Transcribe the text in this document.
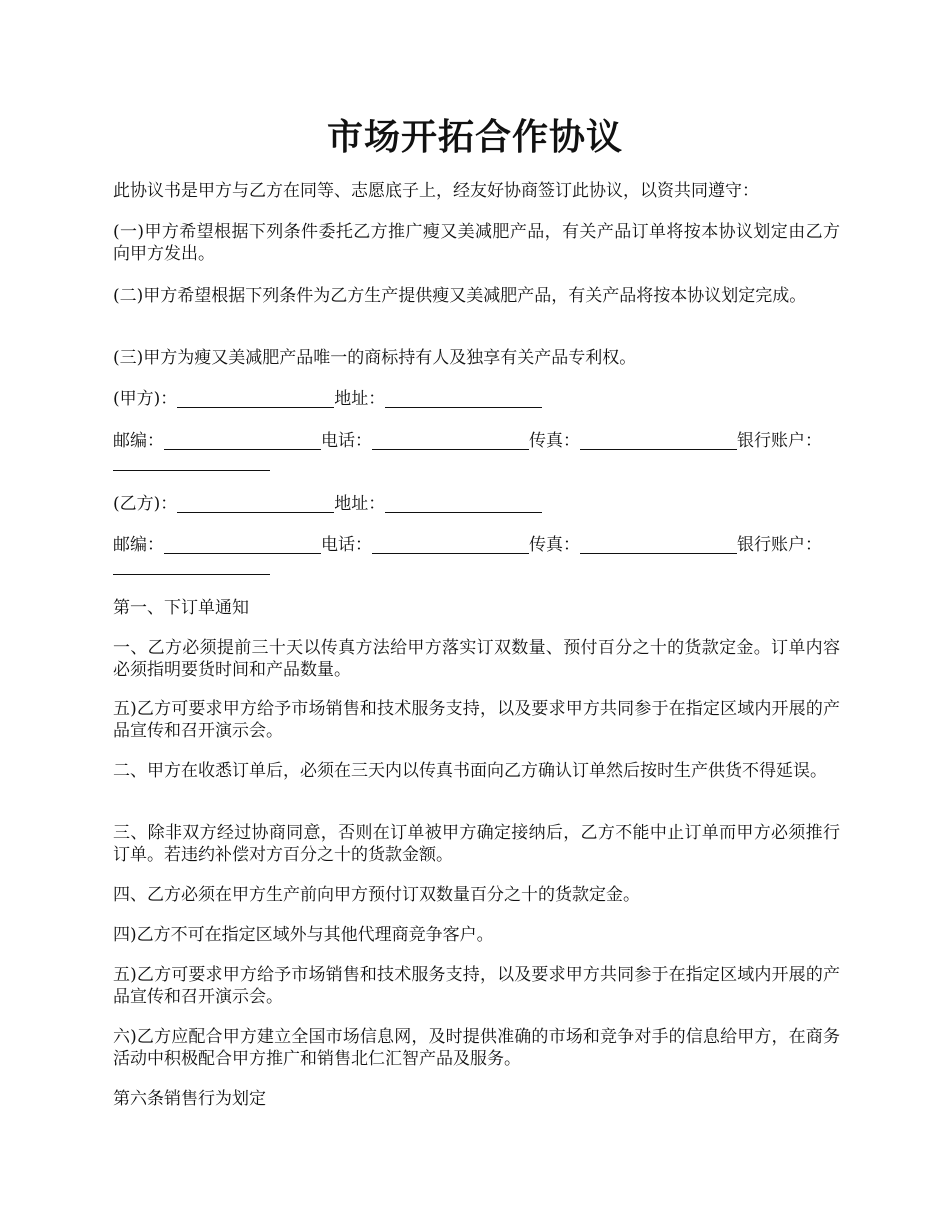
市场开拓合作协议

此协议书是甲方与乙方在同等、志愿底子上，经友好协商签订此协议，以资共同遵守：

(一)甲方希望根据下列条件委托乙方推广瘦又美减肥产品，有关产品订单将按本协议划定由乙方向甲方发出。

(二)甲方希望根据下列条件为乙方生产提供瘦又美减肥产品，有关产品将按本协议划定完成。

(三)甲方为瘦又美减肥产品唯一的商标持有人及独享有关产品专利权。

(甲方)：	地址：

邮编：	电话：	传真：	银行账户：

(乙方)：	地址：

邮编：	电话：	传真：	银行账户：

第一、下订单通知

一、乙方必须提前三十天以传真方法给甲方落实订双数量、预付百分之十的货款定金。订单内容必须指明要货时间和产品数量。

五)乙方可要求甲方给予市场销售和技术服务支持，以及要求甲方共同参于在指定区域内开展的产品宣传和召开演示会。

二、甲方在收悉订单后，必须在三天内以传真书面向乙方确认订单然后按时生产供货不得延误。

三、除非双方经过协商同意，否则在订单被甲方确定接纳后，乙方不能中止订单而甲方必须推行订单。若违约补偿对方百分之十的货款金额。

四、乙方必须在甲方生产前向甲方预付订双数量百分之十的货款定金。

四)乙方不可在指定区域外与其他代理商竞争客户。

五)乙方可要求甲方给予市场销售和技术服务支持，以及要求甲方共同参于在指定区域内开展的产品宣传和召开演示会。

六)乙方应配合甲方建立全国市场信息网，及时提供准确的市场和竞争对手的信息给甲方，在商务活动中积极配合甲方推广和销售北仁汇智产品及服务。

第六条销售行为划定
